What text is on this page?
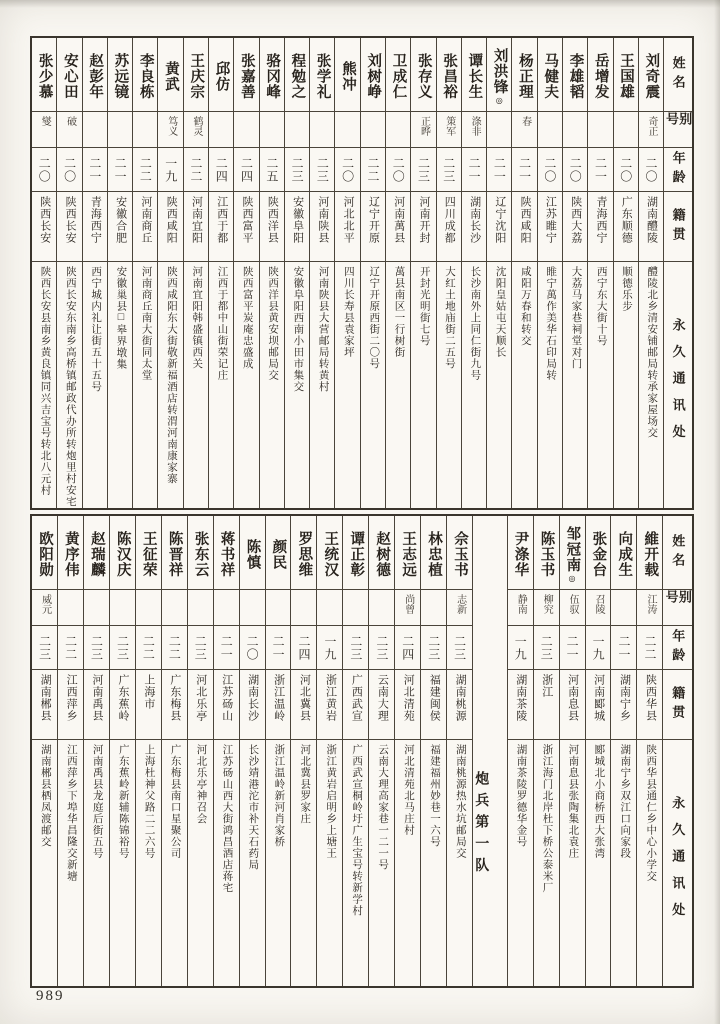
姓名
别号
年龄
籍贯
永久通讯处
刘奇震
奇正
二〇
湖南醴陵
醴陵北乡清安铺邮局转承家屋场交
王国雄
二〇
广东顺德
顺德乐步
岳增发
二一
青海西宁
西宁东大街十号
李雄韬
二〇
陕西大荔
大荔马家巷祠堂对门
马健夫
二〇
江苏睢宁
睢宁萬作美华石印局转
杨正理
春
二一
陕西咸阳
咸阳万春和转交
刘洪锋
◎
二一
辽宁沈阳
沈阳皇姑屯天顺长
谭长生
涤非
二一
湖南长沙
长沙南外上同仁街九号
张昌裕
策军
二三
四川成都
大红土地庙街二五号
张存义
正晔
二三
河南开封
开封光明街七号
卫成仁
二〇
河南萬县
萬县南区一行树街
刘树峥
二二
辽宁开原
辽宁开原西街二〇号
熊冲
二〇
河北北平
四川长寿县袁家坪
张学礼
二三
河南陕县
河南陕县大营邮局转黄村
程勉之
二三
安徽阜阳
安徽阜阳西南小田市集交
骆冈峰
二五
陕西洋县
陕西洋县黄安坝邮局交
张嘉善
二四
陕西富平
陕西富平炭庵忠盛成
邱仿
二四
江西于都
江西于都中山街荣记庄
王庆宗
鹤灵
二二
河南宜阳
河南宜阳韩盛镇西关
黄武
笃义
一九
陕西咸阳
陕西咸阳东大街敬新福酒店转渭河南康家寨
李良栋
二二
河南商丘
河南商丘南大街同太堂
苏远镜
二一
安徽合肥
安徽巢县□皋界墩集
赵彭年
二一
青海西宁
西宁城内礼让街五十五号
安心田
破
二〇
陕西长安
陕西长安东南乡高桥镇邮政代办所转炮里村安宅
张少慕
燮
二〇
陕西长安
陕西长安县南乡黄良镇同兴吉宝号转北八元村
姓名
别号
年龄
籍贯
永久通讯处
維开载
江涛
二二
陕西华县
陕西华县通仁乡中心小学交
向成生
二一
湖南宁乡
湖南宁乡双江口向家段
张金台
召陵
一九
河南郾城
郾城北小商桥西大张湾
邹冠南
◎
伍驭
二一
河南息县
河南息县张陶集北袁庄
陈玉书
柳究
二三
浙江
浙江海门北岸杜下桥公泰米厂
尹涤华
静南
一九
湖南茶陵
湖南茶陵罗德华金号
炮兵第一队
佘玉书
志新
二三
湖南桃源
湖南桃源热水坑邮局交
林忠植
二三
福建闽侯
福建福州妙巷一六号
王志远
尚曾
二四
河北清苑
河北清苑北马庄村
赵树德
二三
云南大理
云南大理高家巷一二一号
谭正彰
二三
广西武宣
广西武宣桐岭圩广生宝号转新学村
王统汉
一九
浙江黄岩
浙江黄岩启明乡上塘王
罗思维
二四
河北冀县
河北冀县罗家庄
颜民
二一
浙江温岭
浙江温岭新河肖家桥
陈慎
二〇
湖南长沙
长沙靖港沱市补天石药局
蒋书祥
二一
江苏砀山
江苏砀山西大街鸿昌酒店蒋宅
张东云
二三
河北乐亭
河北乐亭神召会
陈晋祥
二二
广东梅县
广东梅县南口星聚公司
王征荣
二二
上海市
上海杜神父路二二六号
陈汉庆
二三
广东蕉岭
广东蕉岭新辅陈锦裕号
赵瑞麟
二三
河南禹县
河南禹县龙庭后街五号
黄序伟
二二
江西萍乡
江西萍乡下埠华昌隆交新塘
欧阳勋
威元
二三
湖南郴县
湖南郴县栖凤渡邮交
989
